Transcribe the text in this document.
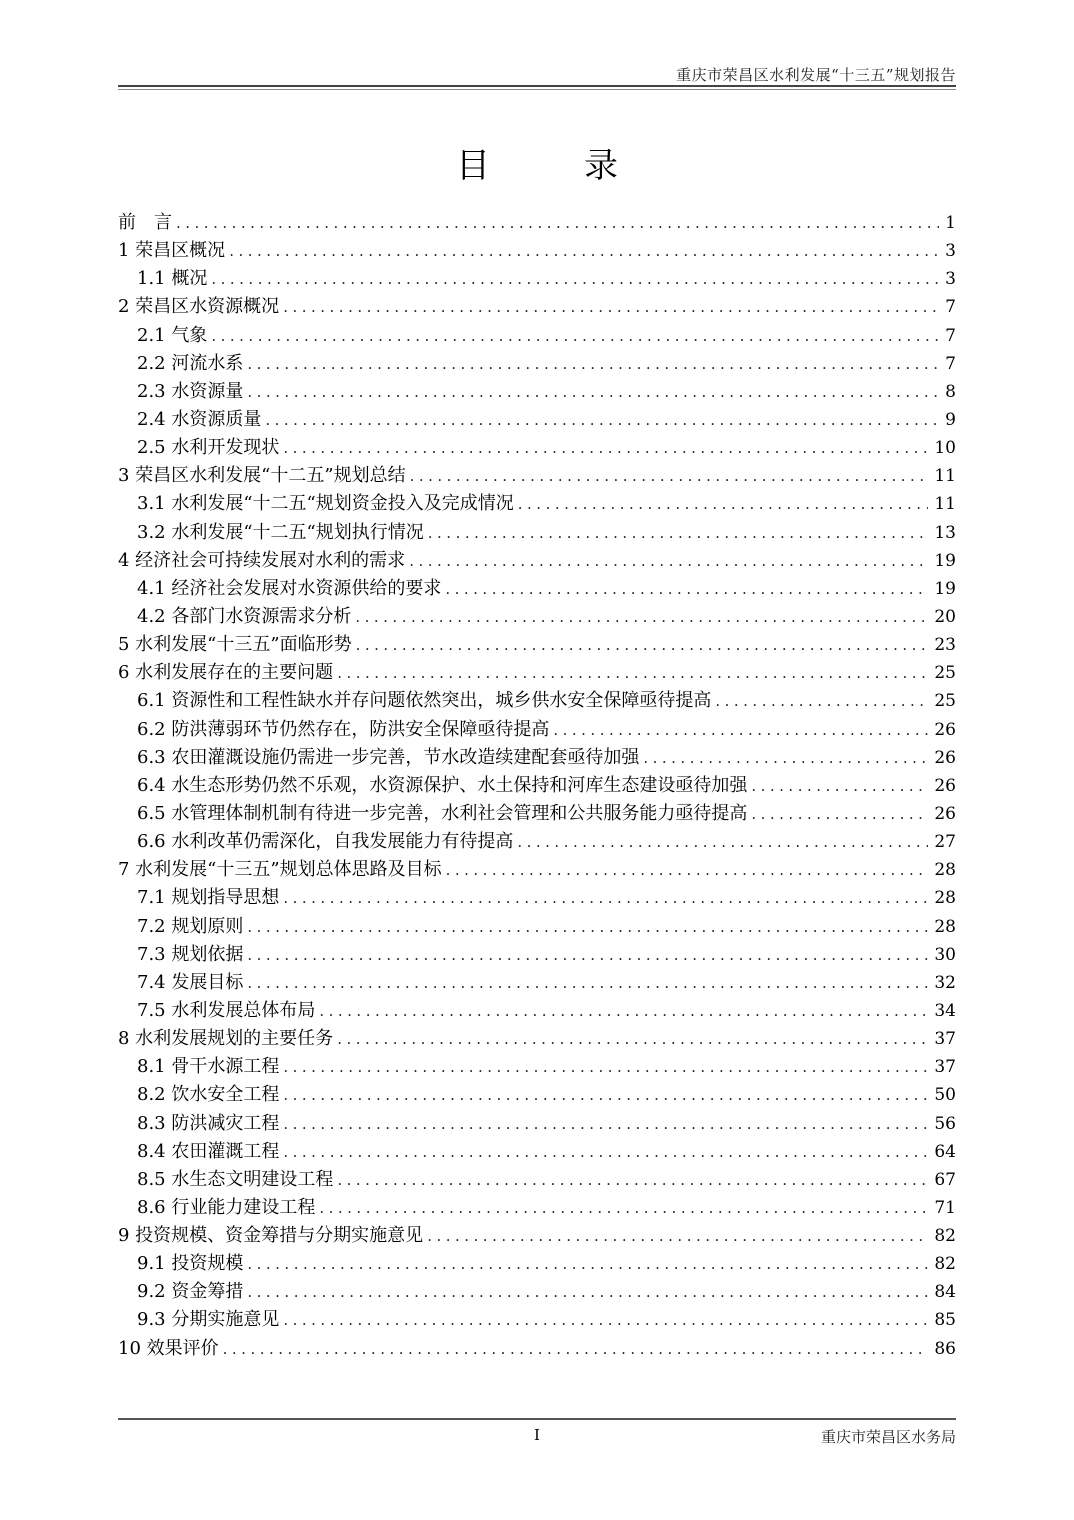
重庆市荣昌区水利发展“十三五”规划报告
目　录
前　言 .....	1
1 荣昌区概况 .....	3
1.1 概况 .....	3
2 荣昌区水资源概况 .....	7
2.1 气象 .....	7
2.2 河流水系 .....	7
2.3 水资源量 .....	8
2.4 水资源质量 .....	9
2.5 水利开发现状 .....	10
3 荣昌区水利发展“十二五”规划总结 .....	11
3.1 水利发展“十二五“规划资金投入及完成情况 .....	11
3.2 水利发展“十二五“规划执行情况 .....	13
4 经济社会可持续发展对水利的需求 .....	19
4.1 经济社会发展对水资源供给的要求 .....	19
4.2 各部门水资源需求分析 .....	20
5 水利发展“十三五”面临形势 .....	23
6 水利发展存在的主要问题 .....	25
6.1 资源性和工程性缺水并存问题依然突出，城乡供水安全保障亟待提高 .....	25
6.2 防洪薄弱环节仍然存在，防洪安全保障亟待提高 .....	26
6.3 农田灌溉设施仍需进一步完善，节水改造续建配套亟待加强 .....	26
6.4 水生态形势仍然不乐观，水资源保护、水土保持和河库生态建设亟待加强 .....	26
6.5 水管理体制机制有待进一步完善，水利社会管理和公共服务能力亟待提高 .....	26
6.6 水利改革仍需深化，自我发展能力有待提高 .....	27
7 水利发展“十三五”规划总体思路及目标 .....	28
7.1 规划指导思想 .....	28
7.2 规划原则 .....	28
7.3 规划依据 .....	30
7.4 发展目标 .....	32
7.5 水利发展总体布局 .....	34
8 水利发展规划的主要任务 .....	37
8.1 骨干水源工程 .....	37
8.2 饮水安全工程 .....	50
8.3 防洪减灾工程 .....	56
8.4 农田灌溉工程 .....	64
8.5 水生态文明建设工程 .....	67
8.6 行业能力建设工程 .....	71
9 投资规模、资金筹措与分期实施意见 .....	82
9.1 投资规模 .....	82
9.2 资金筹措 .....	84
9.3 分期实施意见 .....	85
10 效果评价 .....	86
I	重庆市荣昌区水务局
